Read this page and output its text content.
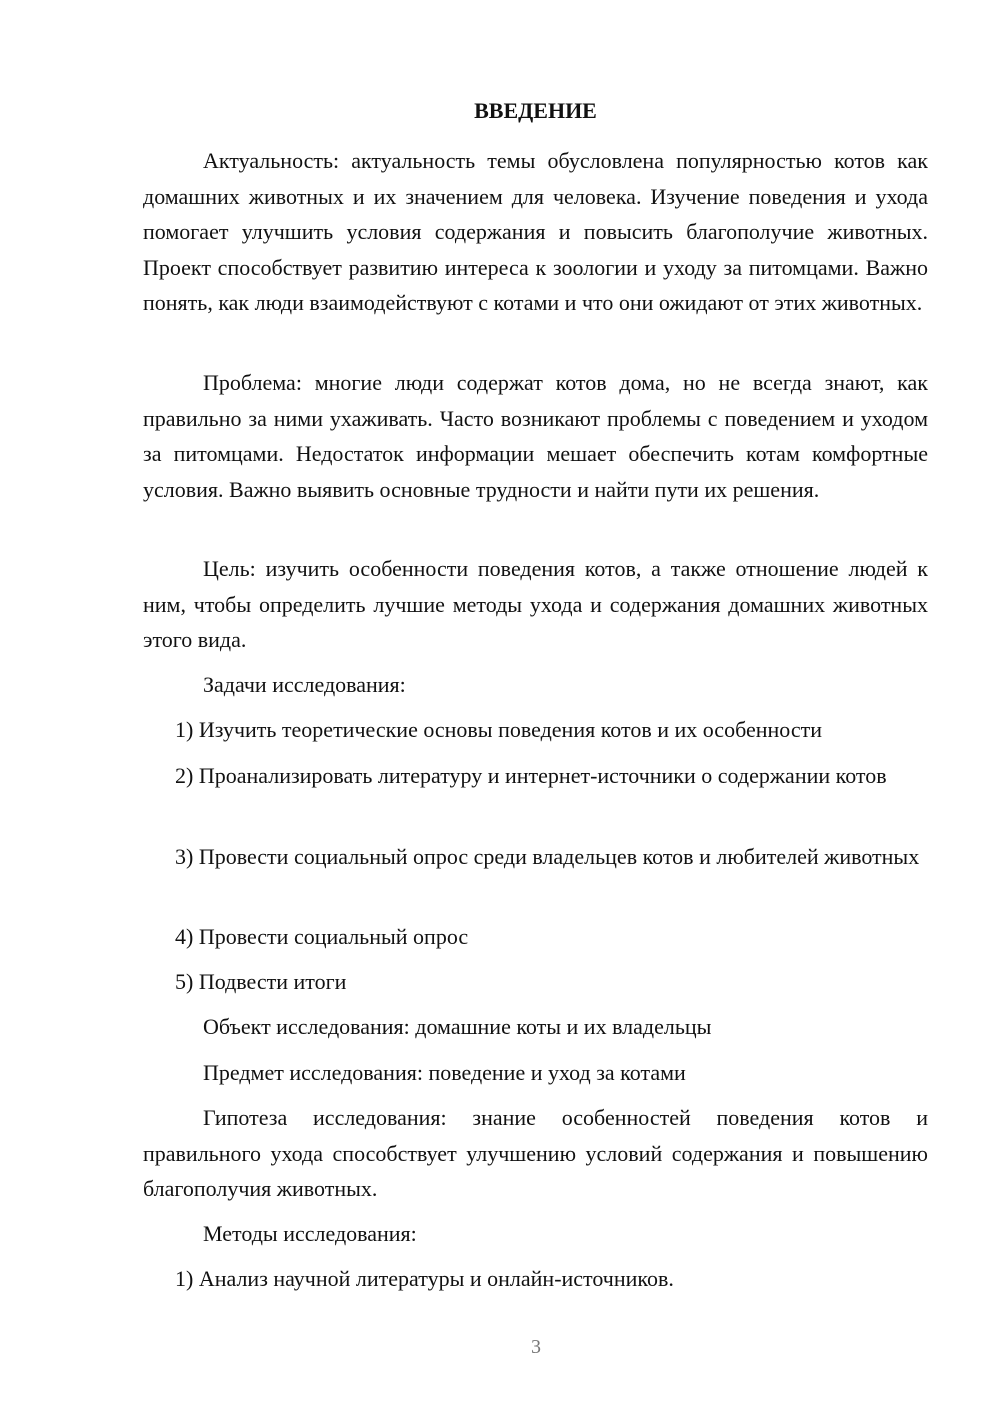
ВВЕДЕНИЕ

Актуальность: актуальность темы обусловлена популярностью котов как домашних животных и их значением для человека. Изучение поведения и ухода помогает улучшить условия содержания и повысить благополучие животных. Проект способствует развитию интереса к зоологии и уходу за питомцами. Важно понять, как люди взаимодействуют с котами и что они ожидают от этих животных.

Проблема: многие люди содержат котов дома, но не всегда знают, как правильно за ними ухаживать. Часто возникают проблемы с поведением и уходом за питомцами. Недостаток информации мешает обеспечить котам комфортные условия. Важно выявить основные трудности и найти пути их решения.

Цель: изучить особенности поведения котов, а также отношение людей к ним, чтобы определить лучшие методы ухода и содержания домашних животных этого вида.

Задачи исследования:

1) Изучить теоретические основы поведения котов и их особенности

2) Проанализировать литературу и интернет-источники о содержании котов

3) Провести социальный опрос среди владельцев котов и любителей животных

4) Провести социальный опрос

5) Подвести итоги

Объект исследования: домашние коты и их владельцы

Предмет исследования: поведение и уход за котами

Гипотеза исследования: знание особенностей поведения котов и правильного ухода способствует улучшению условий содержания и повышению благополучия животных.

Методы исследования:

1) Анализ научной литературы и онлайн-источников.

3
